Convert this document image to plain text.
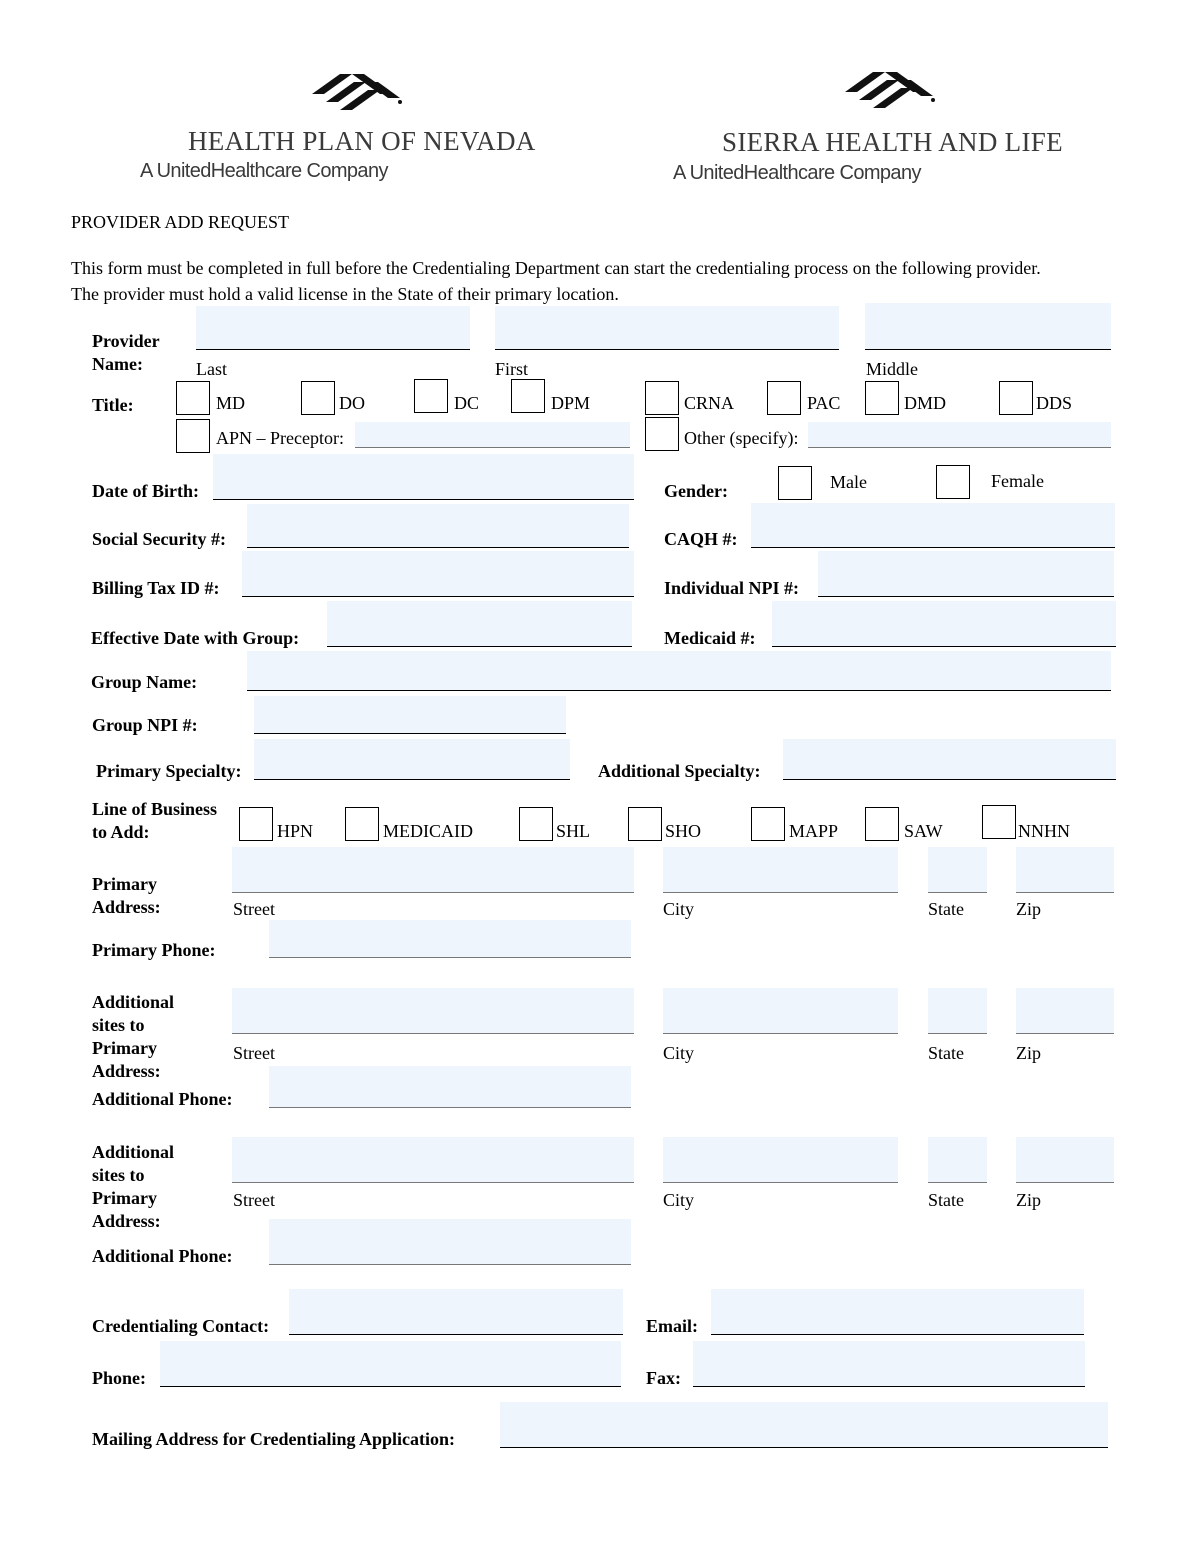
HEALTH PLAN OF NEVADA
A UnitedHealthcare Company
SIERRA HEALTH AND LIFE
A UnitedHealthcare Company
PROVIDER ADD REQUEST
This form must be completed in full before the Credentialing Department can start the credentialing process on the following provider.
The provider must hold a valid license in the State of their primary location.
Provider
Name:	Last	First	Middle
Title:	MD	DO	DC	DPM	CRNA	PAC	DMD	DDS
APN – Preceptor:	Other (specify):
Date of Birth:	Gender:	Male	Female
Social Security #:	CAQH #:
Billing Tax ID #:	Individual NPI #:
Effective Date with Group:	Medicaid #:
Group Name:
Group NPI #:
Primary Specialty:	Additional Specialty:
Line of Business
to Add:	HPN	MEDICAID	SHL	SHO	MAPP	SAW	NNHN
Primary
Address:	Street	City	State	Zip
Primary Phone:
Additional
sites to
Primary
Address:
Street	City	State	Zip
Additional Phone:
Additional
sites to
Primary
Address:
Street	City	State	Zip
Additional Phone:
Credentialing Contact:	Email:
Phone:	Fax:
Mailing Address for Credentialing Application:
